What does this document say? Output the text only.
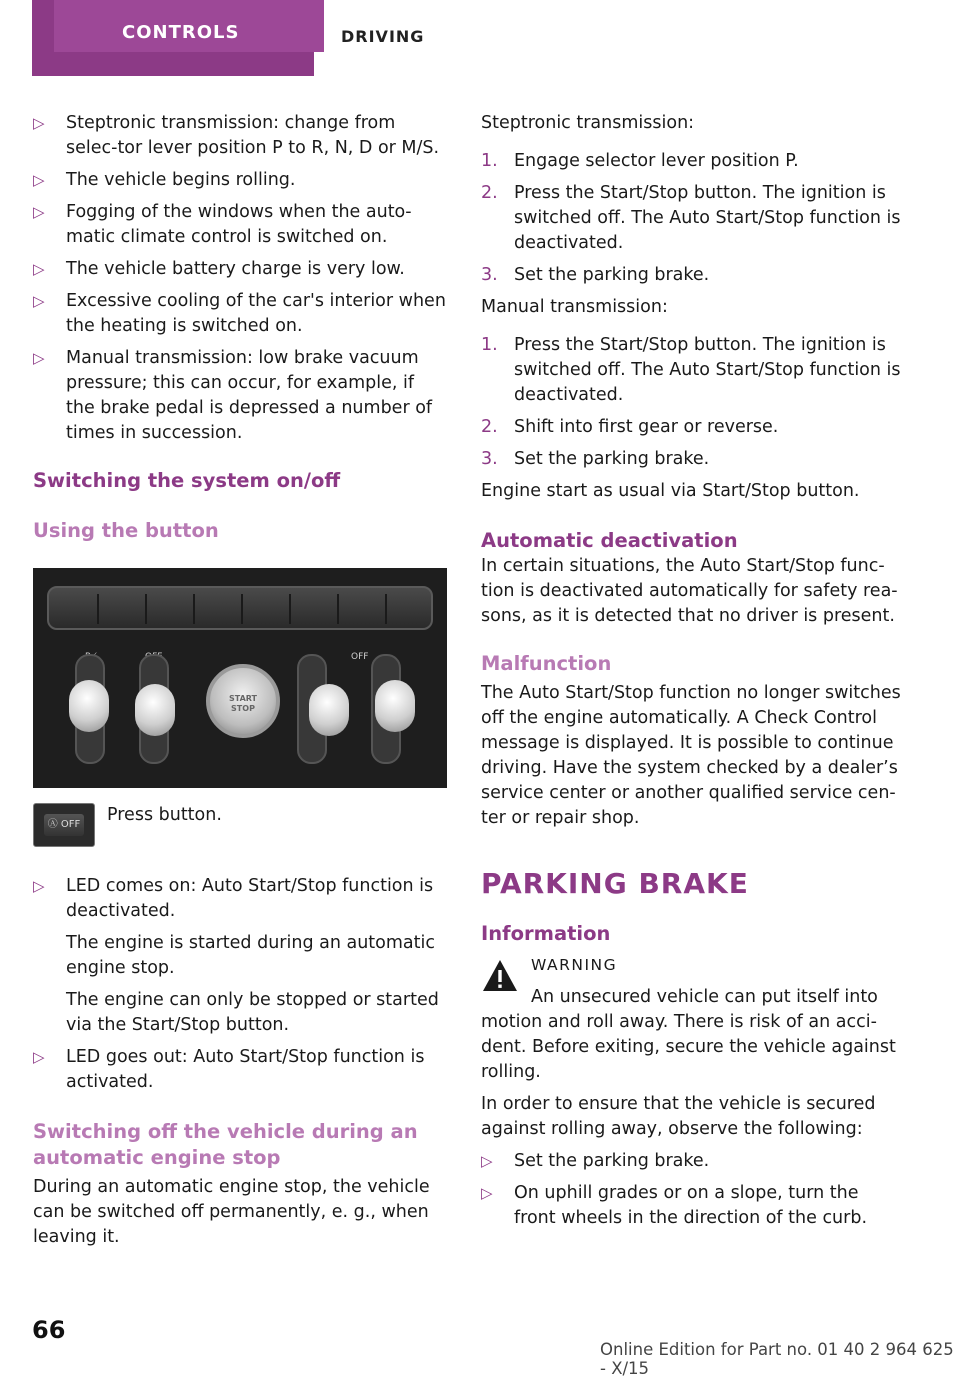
CONTROLS	DRIVING
▷ Steptronic transmission: change from selec‐tor lever position P to R, N, D or M/S.
▷ The vehicle begins rolling.
▷ Fogging of the windows when the auto‐matic climate control is switched on.
▷ The vehicle battery charge is very low.
▷ Excessive cooling of the car's interior when the heating is switched on.
▷ Manual transmission: low brake vacuum pressure; this can occur, for example, if the brake pedal is depressed a number of times in succession.
Switching the system on/off
Using the button
OFF
START
STOP
Ⓐ OFF Press button.
▷ LED comes on: Auto Start/Stop function is deactivated.
The engine is started during an automatic engine stop.
The engine can only be stopped or started via the Start/Stop button.
▷ LED goes out: Auto Start/Stop function is activated.
Switching off the vehicle during an automatic engine stop
During an automatic engine stop, the vehicle can be switched off permanently, e. g., when leaving it.
Steptronic transmission:
1. Engage selector lever position P.
2. Press the Start/Stop button. The ignition is switched off. The Auto Start/Stop function is deactivated.
3. Set the parking brake.
Manual transmission:
1. Press the Start/Stop button. The ignition is switched off. The Auto Start/Stop function is deactivated.
2. Shift into first gear or reverse.
3. Set the parking brake.
Engine start as usual via Start/Stop button.
Automatic deactivation
In certain situations, the Auto Start/Stop func‐tion is deactivated automatically for safety rea‐sons, as it is detected that no driver is present.
Malfunction
The Auto Start/Stop function no longer switches off the engine automatically. A Check Control message is displayed. It is possible to continue driving. Have the system checked by a dealer’s service center or another qualified service cen‐ter or repair shop.
PARKING BRAKE
Information
WARNING
An unsecured vehicle can put itself into
motion and roll away. There is risk of an acci‐dent. Before exiting, secure the vehicle against rolling.
In order to ensure that the vehicle is secured against rolling away, observe the following:
▷ Set the parking brake.
▷ On uphill grades or on a slope, turn the front wheels in the direction of the curb.
66
Online Edition for Part no. 01 40 2 964 625 - X/15
